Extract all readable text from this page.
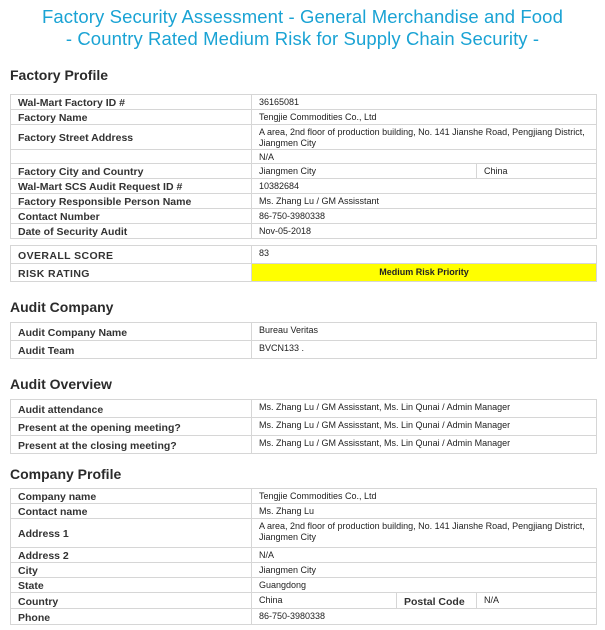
Factory Security Assessment - General Merchandise and Food
- Country Rated Medium Risk for Supply Chain Security -
Factory Profile
Wal-Mart Factory ID #	36165081	
Factory Name	Tengjie Commodities Co., Ltd	
Factory Street Address	A area, 2nd floor of production building, No. 141 Jianshe Road, Pengjiang District, Jiangmen City	
	N/A	
Factory City and Country	Jiangmen City	China
Wal-Mart SCS Audit Request ID #	10382684	
Factory Responsible Person Name	Ms. Zhang Lu / GM Assisstant	
Contact Number	86-750-3980338	
Date of Security Audit	Nov-05-2018	
OVERALL SCORE	83
RISK RATING	Medium Risk Priority
Audit Company
Audit Company Name	Bureau Veritas
Audit Team	BVCN133 .
Audit Overview
Audit attendance	Ms. Zhang Lu / GM Assisstant, Ms. Lin Qunai / Admin Manager
Present at the opening meeting?	Ms. Zhang Lu / GM Assisstant, Ms. Lin Qunai / Admin Manager
Present at the closing meeting?	Ms. Zhang Lu / GM Assisstant, Ms. Lin Qunai / Admin Manager
Company Profile
Company name	Tengjie Commodities Co., Ltd		
Contact name	Ms. Zhang Lu		
Address 1	A area, 2nd floor of production building, No. 141 Jianshe Road, Pengjiang District, Jiangmen City		
Address 2	N/A		
City	Jiangmen City		
State	Guangdong		
Country	China	Postal Code	N/A
Phone	86-750-3980338		
